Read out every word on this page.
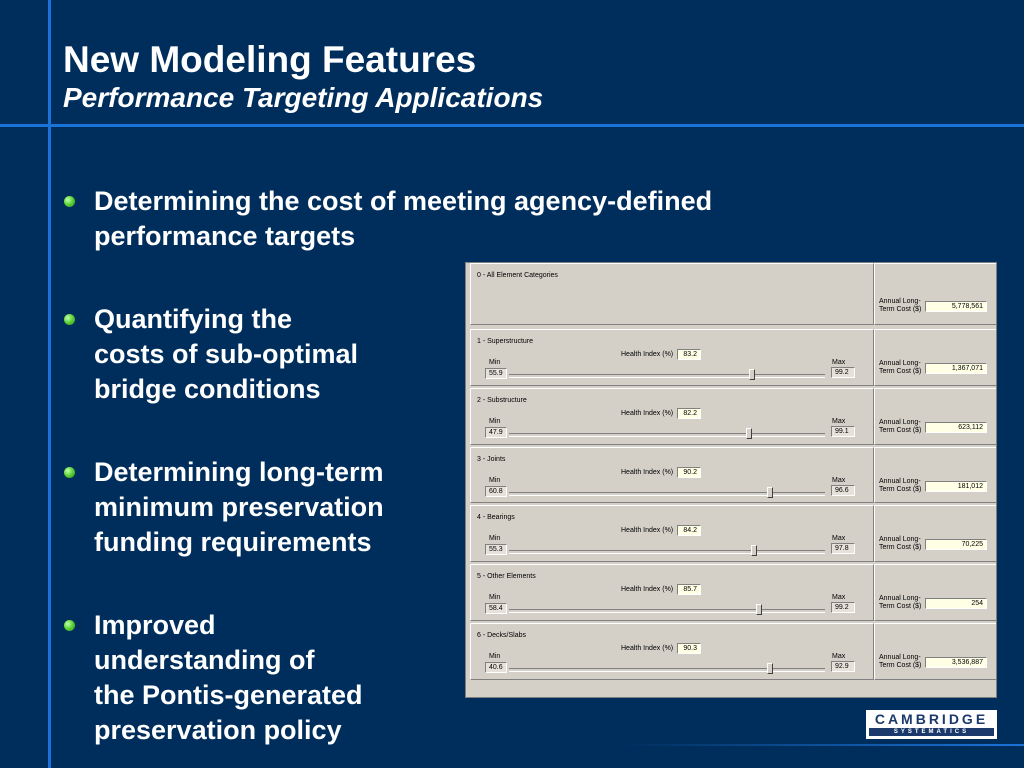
New Modeling Features
Performance Targeting Applications
Determining the cost of meeting agency-defined
performance targets
Quantifying the
costs of sub-optimal
bridge conditions
Determining long-term
minimum preservation
funding requirements
Improved
understanding of
the Pontis-generated
preservation policy
0 - All Element Categories
Annual Long-
Term Cost ($)	5,778,561
1 - Superstructure
Min
Health Index (%)	83.2
Max
55.9	99.2
Annual Long-
Term Cost ($)	1,367,071
2 - Substructure
Min
Health Index (%)	82.2
Max
47.9	99.1
Annual Long-
Term Cost ($)	623,112
3 - Joints
Min
Health Index (%)	90.2
Max
60.8	96.6
Annual Long-
Term Cost ($)	181,012
4 - Bearings
Min
Health Index (%)	84.2
Max
55.3	97.8
Annual Long-
Term Cost ($)	70,225
5 - Other Elements
Min
Health Index (%)	85.7
Max
58.4	99.2
Annual Long-
Term Cost ($)	254
6 - Decks/Slabs
Min
Health Index (%)	90.3
Max
40.6	92.9
Annual Long-
Term Cost ($)	3,536,887
CAMBRIDGE
SYSTEMATICS
